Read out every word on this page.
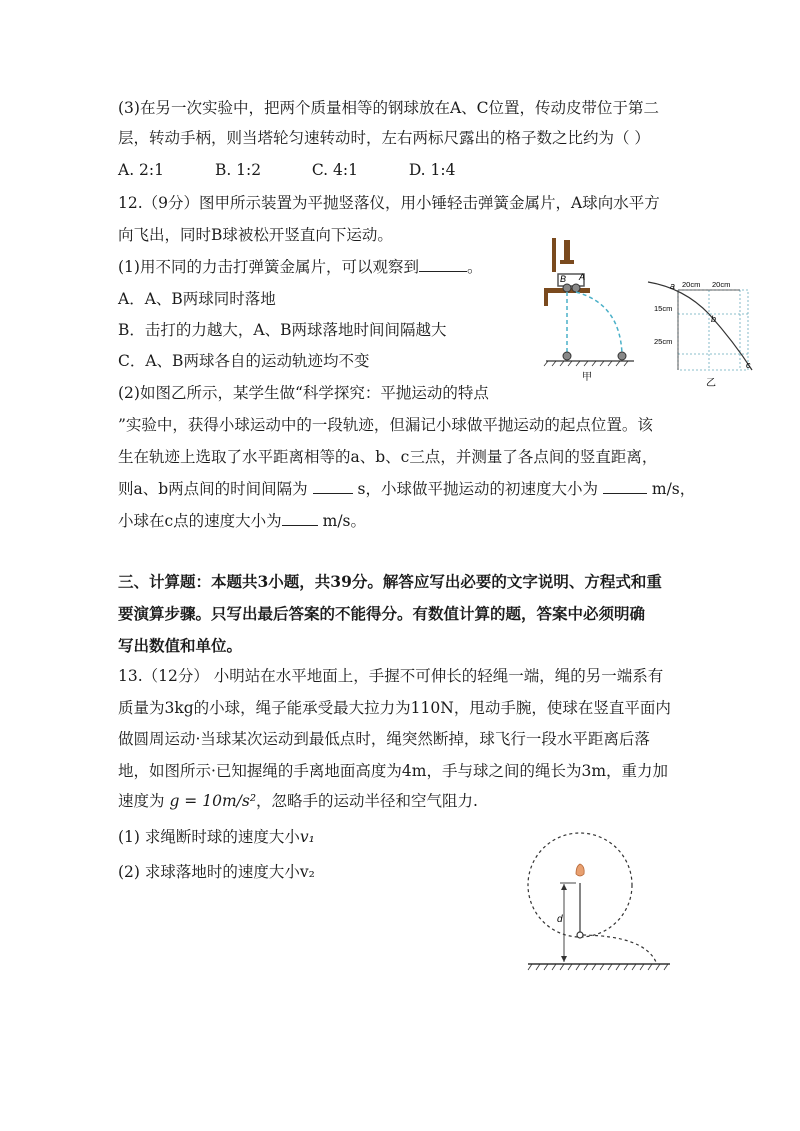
(3)在另一次实验中，把两个质量相等的钢球放在A、C位置，传动皮带位于第二
层，转动手柄，则当塔轮匀速转动时，左右两标尺露出的格子数之比约为（ ）
A. 2:1	B. 1:2	C. 4:1	D. 1:4
12.（9分）图甲所示装置为平抛竖落仪，用小锤轻击弹簧金属片，A球向水平方
向飞出，同时B球被松开竖直向下运动。
(1)用不同的力击打弹簧金属片，可以观察到	。
A．A、B两球同时落地
B．击打的力越大，A、B两球落地时间间隔越大
C．A、B两球各自的运动轨迹均不变
(2)如图乙所示，某学生做“科学探究：平抛运动的特点
”实验中，获得小球运动中的一段轨迹，但漏记小球做平抛运动的起点位置。该
生在轨迹上选取了水平距离相等的a、b、c三点，并测量了各点间的竖直距离，
则a、b两点间的时间间隔为	s，小球做平抛运动的初速度大小为	m/s，
小球在c点的速度大小为	m/s。
B A
甲
a
b
c
20cm 20cm
15cm
25cm
乙
三、计算题：本题共3小题，共39分。解答应写出必要的文字说明、方程式和重
要演算步骤。只写出最后答案的不能得分。有数值计算的题，答案中必须明确
写出数值和单位。
13.（12分） 小明站在水平地面上，手握不可伸长的轻绳一端，绳的另一端系有
质量为3kg的小球，绳子能承受最大拉力为110N，甩动手腕，使球在竖直平面内
做圆周运动·当球某次运动到最低点时，绳突然断掉，球飞行一段水平距离后落
地，如图所示·已知握绳的手离地面高度为4m，手与球之间的绳长为3m，重力加
速度为 g = 10m/s²，忽略手的运动半径和空气阻力.
(1) 求绳断时球的速度大小v₁
(2) 求球落地时的速度大小v₂
d
